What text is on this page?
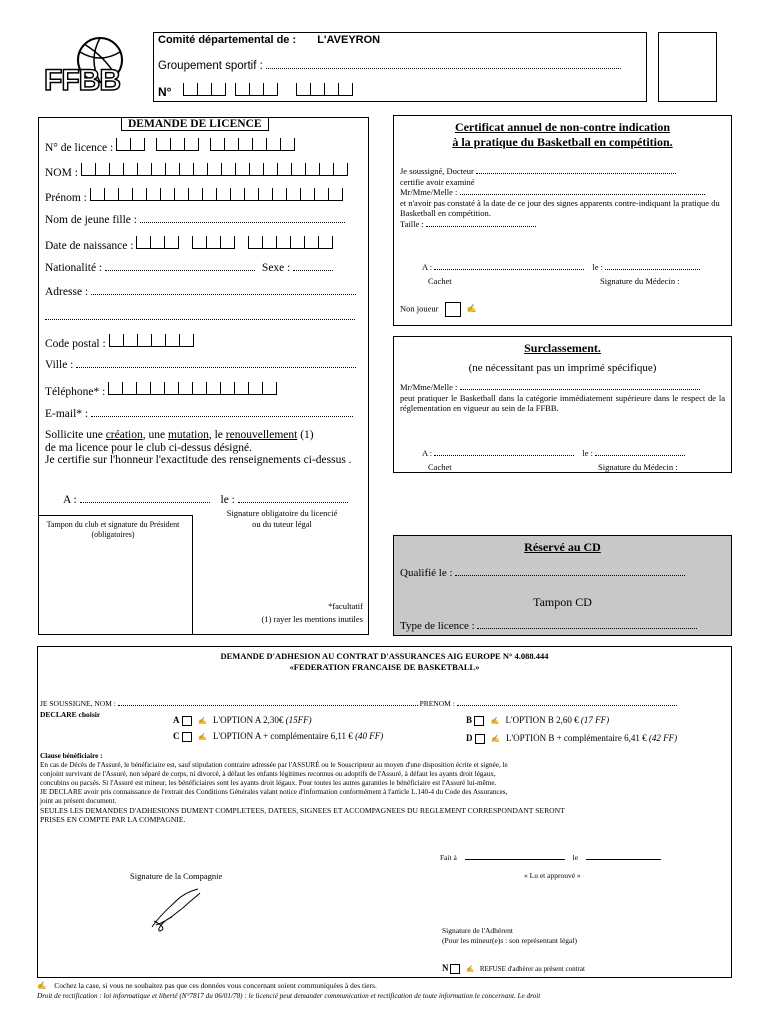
FFBB
Comité départemental de : L'AVEYRON
Groupement sportif :
N°
DEMANDE DE LICENCE
N° de licence :
NOM :
Prénom :
Nom de jeune fille :
Date de naissance :
Nationalité :	Sexe :
Adresse :
Code postal :
Ville :
Téléphone* :
E-mail* :
Sollicite une création, une mutation, le renouvellement (1)
de ma licence pour le club ci-dessus désigné.

Je certifie sur l'honneur l'exactitude des renseignements ci-dessus .
A :	le :
Signature obligatoire du licencié
ou du tuteur légal
Tampon du club et signature du Président (obligatoires)
*facultatif
(1) rayer les mentions inutiles
Certificat annuel de non-contre indication
à la pratique du Basketball en compétition.
Je soussigné, Docteur
certifie avoir examiné
Mr/Mme/Melle :
et n'avoir pas constaté à la date de ce jour des signes apparents contre-indiquant la pratique du Basketball en compétition.
Taille :
A :	le :
Cachet	Signature du Médecin :
Non joueur	✍
Surclassement.
(ne nécessitant pas un imprimé spécifique)
Mr/Mme/Melle :
peut pratiquer le Basketball dans la catégorie immédiatement supérieure dans le respect de la réglementation en vigueur au sein de la FFBB.
A :	le :
Cachet	Signature du Médecin :
Réservé au CD
Qualifié le :
Tampon CD
Type de licence :
DEMANDE D'ADHESION AU CONTRAT D'ASSURANCES AIG EUROPE N° 4.088.444
«FEDERATION FRANCAISE DE BASKETBALL»
JE SOUSSIGNE, NOM :	PRENOM :
DECLARE choisir
A	✍ L'OPTION A 2,30€ (15FF)	B	✍ L'OPTION B 2,60 € (17 FF)
C	✍ L'OPTION A + complémentaire 6,11 € (40 FF)	D	✍ L'OPTION B + complémentaire 6,41 € (42 FF)
Clause bénéficiaire :
En cas de Décès de l'Assuré, le bénéficiaire est, sauf stipulation contraire adressée par l'ASSURÉ ou le Souscripteur au moyen d'une disposition écrite et signée, le
conjoint survivant de l'Assuré, non séparé de corps, ni divorcé, à défaut les enfants légitimes reconnus ou adoptifs de l'Assuré, à défaut les ayants droit légaux,
concubins ou pacsés. Si l'Assuré est mineur, les bénéficiaires sont les ayants droit légaux. Pour toutes les autres garanties le bénéficiaire est l'Assuré lui-même.
JE DECLARE avoir pris connaissance de l'extrait des Conditions Générales valant notice d'information conformément à l'article L.140-4 du Code des Assurances,
joint au présent document.
SEULES LES DEMANDES D'ADHESIONS DUMENT COMPLETEES, DATEES, SIGNEES ET ACCOMPAGNEES DU REGLEMENT CORRESPONDANT SERONT
PRISES EN COMPTE PAR LA COMPAGNIE.
Fait à	le
Signature de la Compagnie	« Lu et approuvé »
Signature de l'Adhérent
(Pour les mineur(e)s : son représentant légal)
N	✍ REFUSE d'adhérer au présent contrat
✍ Cochez la case, si vous ne souhaitez pas que ces données vous concernant soient communiquées à des tiers.
Droit de rectification : loi informatique et liberté (N°7817 du 06/01/78) : le licencié peut demander communication et rectification de toute information le concernant. Le droit
